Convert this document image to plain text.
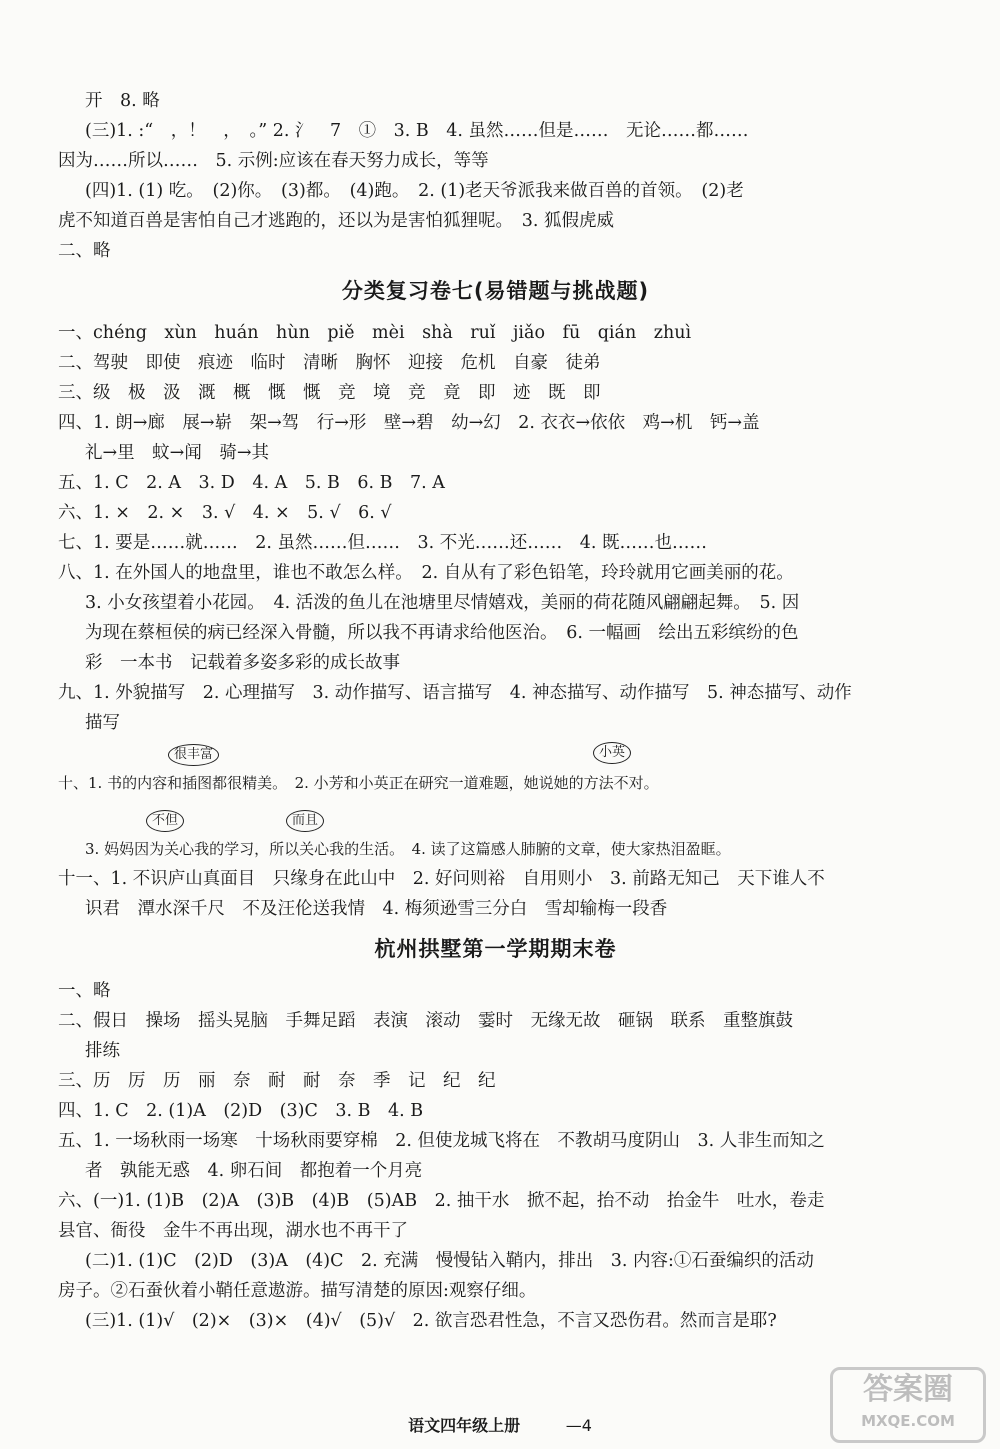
开　8. 略
(三)1. :“　，！　，　。” 2. 氵　7　①　3. B　4. 虽然……但是……　无论……都……
因为……所以……　5. 示例:应该在春天努力成长，等等
(四)1. (1) 吃。　(2)你。　(3)都。　(4)跑。　2. (1)老天爷派我来做百兽的首领。　(2)老
虎不知道百兽是害怕自己才逃跑的，还以为是害怕狐狸呢。　3. 狐假虎威
二、略
分类复习卷七(易错题与挑战题)
一、chéng　xùn　huán　hùn　piě　mèi　shà　ruǐ　jiǎo　fū　qián　zhuì
二、驾驶　即使　痕迹　临时　清晰　胸怀　迎接　危机　自豪　徒弟
三、级　极　汲　溉　概　慨　慨　竞　境　竞　竟　即　迹　既　即
四、1. 朗→廊　展→崭　架→驾　行→形　壁→碧　幼→幻　2. 衣衣→依依　鸡→机　钙→盖
礼→里　蚊→闻　骑→其
五、1. C　2. A　3. D　4. A　5. B　6. B　7. A
六、1. ×　2. ×　3. √　4. ×　5. √　6. √
七、1. 要是……就……　2. 虽然……但……　3. 不光……还……　4. 既……也……
八、1. 在外国人的地盘里，谁也不敢怎么样。　2. 自从有了彩色铅笔，玲玲就用它画美丽的花。
3. 小女孩望着小花园。　4. 活泼的鱼儿在池塘里尽情嬉戏，美丽的荷花随风翩翩起舞。　5. 因
为现在蔡桓侯的病已经深入骨髓，所以我不再请求给他医治。　6. 一幅画　绘出五彩缤纷的色
彩　一本书　记载着多姿多彩的成长故事
九、1. 外貌描写　2. 心理描写　3. 动作描写、语言描写　4. 神态描写、动作描写　5. 神态描写、动作
描写
很丰富	小英
十、1. 书的内容和插图都很精美。　2. 小芳和小英正在研究一道难题，她说她的方法不对。
不但	而且
3. 妈妈因为关心我的学习，所以关心我的生活。　4. 读了这篇感人肺腑的文章，使大家热泪盈眶。
十一、1. 不识庐山真面目　只缘身在此山中　2. 好问则裕　自用则小　3. 前路无知己　天下谁人不
识君　潭水深千尺　不及汪伦送我情　4. 梅须逊雪三分白　雪却输梅一段香
杭州拱墅第一学期期末卷
一、略
二、假日　操场　摇头晃脑　手舞足蹈　表演　滚动　霎时　无缘无故　砸锅　联系　重整旗鼓
排练
三、历　厉　历　丽　奈　耐　耐　奈　季　记　纪　纪
四、1. C　2. (1)A　(2)D　(3)C　3. B　4. B
五、1. 一场秋雨一场寒　十场秋雨要穿棉　2. 但使龙城飞将在　不教胡马度阴山　3. 人非生而知之
者　孰能无惑　4. 卵石间　都抱着一个月亮
六、(一)1. (1)B　(2)A　(3)B　(4)B　(5)AB　2. 抽干水　掀不起，抬不动　抬金牛　吐水，卷走
县官、衙役　金牛不再出现，湖水也不再干了
(二)1. (1)C　(2)D　(3)A　(4)C　2. 充满　慢慢钻入鞘内，排出　3. 内容:①石蚕编织的活动
房子。②石蚕伙着小鞘任意遨游。描写清楚的原因:观察仔细。
(三)1. (1)√　(2)×　(3)×　(4)√　(5)√　2. 欲言恐君性急，不言又恐伤君。然而言是耶?
语文四年级上册	—4
答案圈
MXQE.COM
